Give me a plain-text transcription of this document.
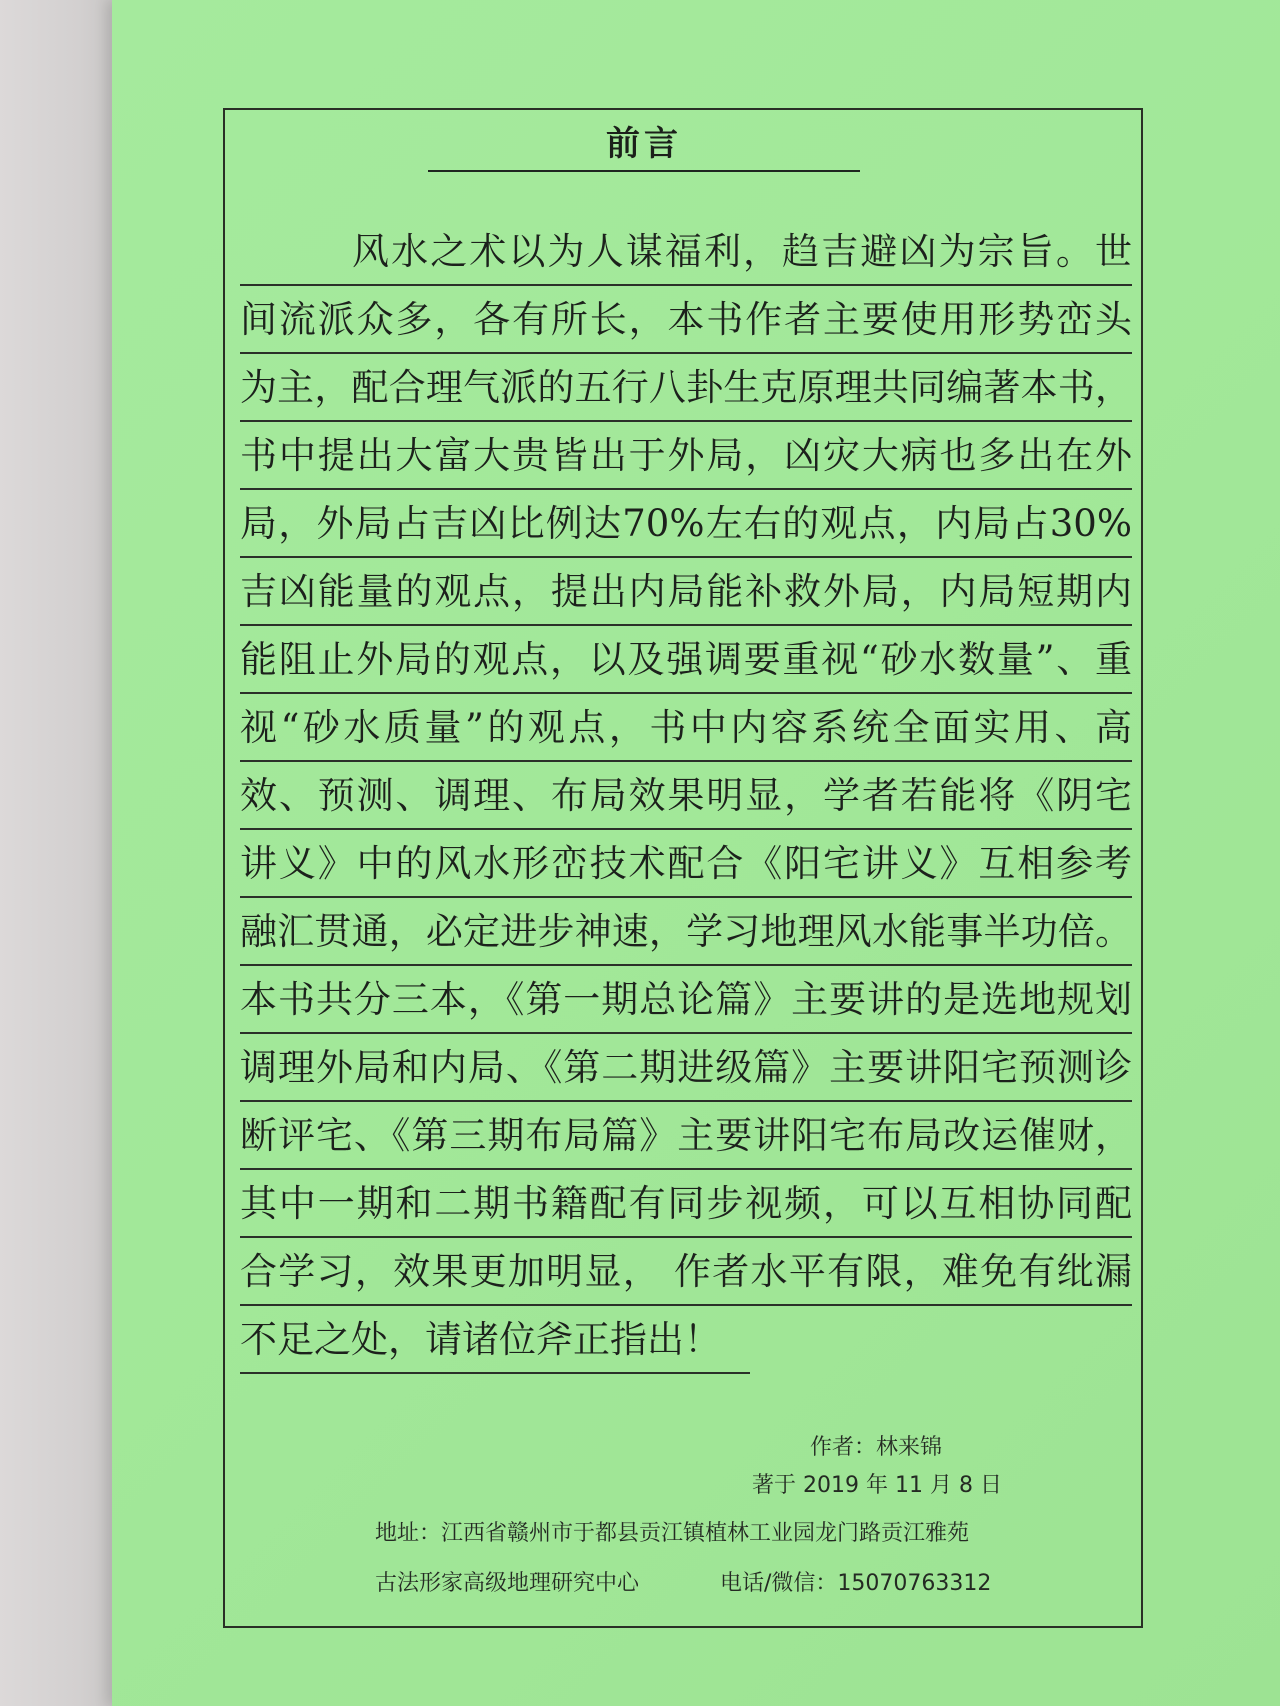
前言
风水之术以为人谋福利，趋吉避凶为宗旨。世
间流派众多，各有所长，本书作者主要使用形势峦头
为主，配合理气派的五行八卦生克原理共同编著本书，
书中提出大富大贵皆出于外局，凶灾大病也多出在外
局，外局占吉凶比例达70%左右的观点，内局占30%
吉凶能量的观点，提出内局能补救外局，内局短期内
能阻止外局的观点，以及强调要重视“砂水数量”、重
视“砂水质量”的观点，书中内容系统全面实用、高
效、预测、调理、布局效果明显，学者若能将《阴宅
讲义》中的风水形峦技术配合《阳宅讲义》互相参考
融汇贯通，必定进步神速，学习地理风水能事半功倍。
本书共分三本，《第一期总论篇》主要讲的是选地规划
调理外局和内局、《第二期进级篇》主要讲阳宅预测诊
断评宅、《第三期布局篇》主要讲阳宅布局改运催财，
其中一期和二期书籍配有同步视频，可以互相协同配
合学习，效果更加明显， 作者水平有限，难免有纰漏
不足之处，请诸位斧正指出！
作者：林来锦
著于 2019 年 11 月 8 日
地址：江西省赣州市于都县贡江镇植林工业园龙门路贡江雅苑
古法形家高级地理研究中心	电话/微信：15070763312
